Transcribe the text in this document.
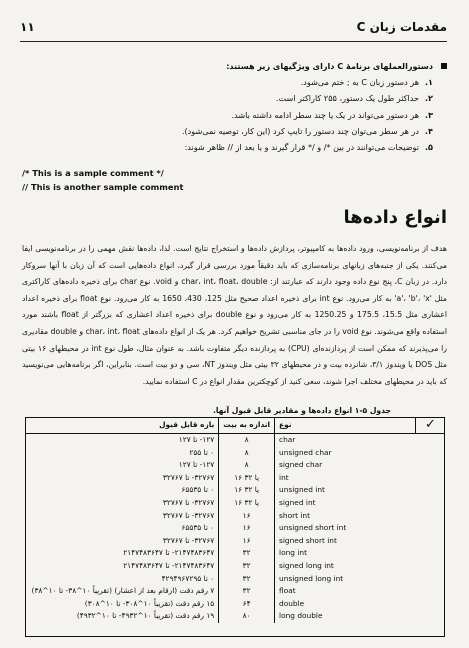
۱۱	مقدمات زبان C
دستورالعملهای برنامهٔ C دارای ویژگیهای زیر هستند:
۱.
هر دستور زبان C به ; ختم می‌شود.
۲.
حداکثر طول یک دستور، ۲۵۵ کاراکتر است.
۳.
هر دستور می‌تواند در یک یا چند سطر ادامه داشته باشد.
۴.
در هر سطر می‌توان چند دستور را تایپ کرد (این کار، توصیه نمی‌شود).
۵.
توضیحات می‌توانند در بین */ و /* قرار گیرند و یا بعد از // ظاهر شوند:
/* This is a sample comment */
// This is another sample comment
انواع داده‌ها
هدف از برنامه‌نویسی، ورود داده‌ها به کامپیوتر، پردازش داده‌ها و استخراج نتایج است. لذا، داده‌ها نقش مهمی را در برنامه‌نویسی ایفا می‌کنند. یکی از جنبه‌های زبانهای برنامه‌سازی که باید دقیقاً مورد بررسی قرار گیرد، انواع داده‌هایی است که آن زبان با آنها سروکار دارد. در زبان C، پنج نوع داده وجود دارند که عبارتند از: char، int، float، double و void. نوع char برای ذخیره داده‌های کاراکتری مثل 'a'، 'b'، 'x' به کار می‌رود. نوع int برای ذخیره اعداد صحیح مثل 125، 430، 1650 به کار می‌رود. نوع float برای ذخیره اعداد اعشاری مثل 15.5، 175.5 و 1250.25 به کار می‌رود و نوع double برای ذخیره اعداد اعشاری که بزرگتر از float باشند مورد استفاده واقع می‌شوند. نوع void را در جای مناسبی تشریح خواهیم کرد. هر یک از انواع داده‌های char، int، float و double مقادیری را می‌پذیرند که ممکن است از پردازنده‌ای (CPU) به پردازنده دیگر متفاوت باشد. به عنوان مثال، طول نوع int در محیطهای ۱۶ بیتی مثل DOS یا ویندوز ۳/۱، شانزده بیت و در محیطهای ۳۲ بیتی مثل ویندوز NT، سی و دو بیت است. بنابراین، اگر برنامه‌هایی می‌نویسید که باید در محیطهای مختلف اجرا شوند، سعی کنید از کوچکترین مقدار انواع در C استفاده نمایید.
جدول ۵-۱ انواع داده‌ها و مقادیر قابل قبول آنها.
بازه قابل قبول	اندازه به بیت	نوع	✓
۱۲۷- تا ۱۲۷	۸	char	
۰ تا ۲۵۵	۸	unsigned char	
۱۲۷- تا ۱۲۷	۸	signed char	
۳۲۷۶۷- تا ۳۲۷۶۷	۱۶ یا ۳۲	int	
۰ تا ۶۵۵۳۵	۱۶ یا ۳۲	unsigned int	
۳۲۷۶۷- تا ۳۲۷۶۷	۱۶ یا ۳۲	signed int	
۳۲۷۶۷- تا ۳۲۷۶۷	۱۶	short int	
۰ تا ۶۵۵۳۵	۱۶	unsigned short int	
۳۲۷۶۷- تا ۳۲۷۶۷	۱۶	signed short int	
۲۱۴۷۴۸۳۶۴۷- تا ۲۱۴۷۴۸۳۶۴۷	۳۲	long int	
۲۱۴۷۴۸۳۶۴۷- تا ۲۱۴۷۴۸۳۶۴۷	۳۲	signed long int	
۰ تا ۴۲۹۴۹۶۷۲۹۵	۳۲	unsigned long int	
۷ رقم دقت (ارقام بعد از اعشار) (تقریباً ۱۰^۳۸- تا ۱۰^۳۸)	۳۲	float	
۱۵ رقم دقت (تقریباً ۱۰^۳۰۸- تا ۱۰^۳۰۸)	۶۴	double	
۱۹ رقم دقت (تقریباً ۱۰^۴۹۳۲- تا ۱۰^۴۹۳۲)	۸۰	long double	
